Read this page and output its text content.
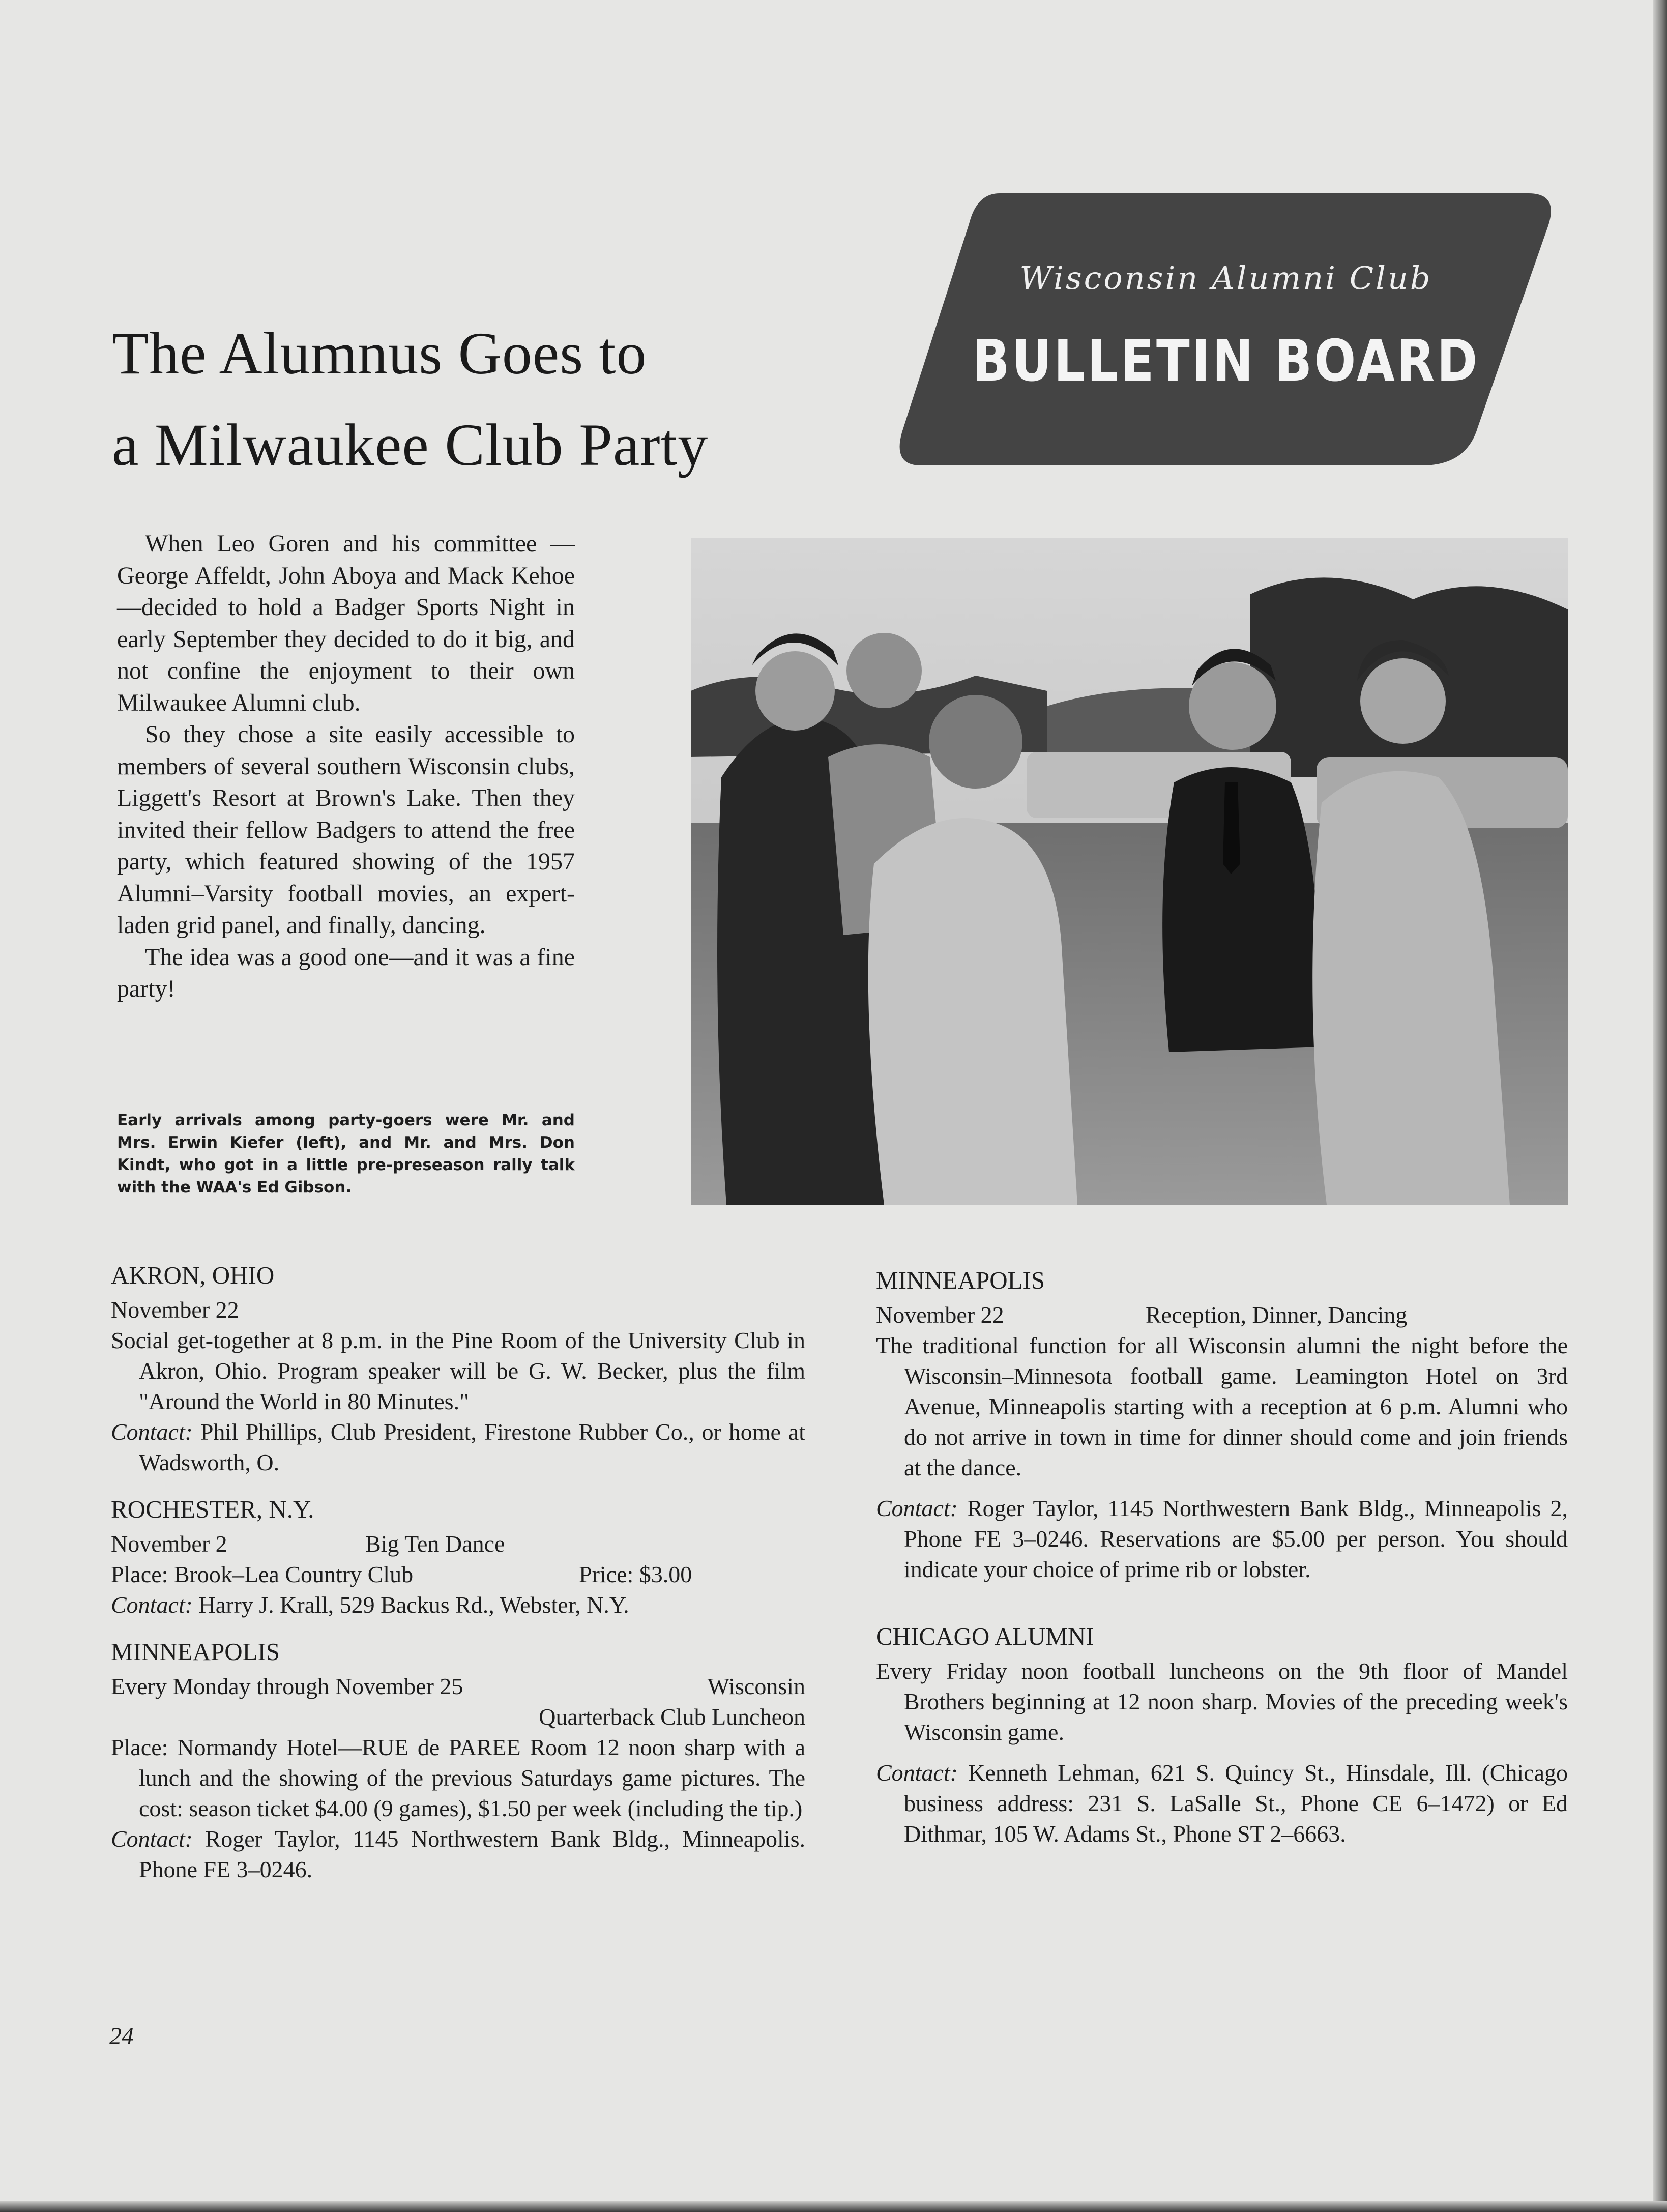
The Alumnus Goes to
a Milwaukee Club Party
Wisconsin Alumni Club
BULLETIN BOARD

When Leo Goren and his committee —George Affeldt, John Aboya and Mack Kehoe—decided to hold a Badger Sports Night in early September they decided to do it big, and not confine the enjoyment to their own Milwaukee Alumni club.

So they chose a site easily accessible to members of several southern Wisconsin clubs, Liggett's Resort at Brown's Lake. Then they invited their fellow Badgers to attend the free party, which featured showing of the 1957 Alumni–Varsity football movies, an expert-laden grid panel, and finally, dancing.

The idea was a good one—and it was a fine party!

Early arrivals among party-goers were Mr. and Mrs. Erwin Kiefer (left), and Mr. and Mrs. Don Kindt, who got in a little pre-preseason rally talk with the WAA's Ed Gibson.
AKRON, OHIO
November 22

Social get-together at 8 p.m. in the Pine Room of the University Club in Akron, Ohio. Program speaker will be G. W. Becker, plus the film "Around the World in 80 Minutes."

Contact: Phil Phillips, Club President, Firestone Rubber Co., or home at Wadsworth, O.

ROCHESTER, N.Y.
November 2	Big Ten Dance
Place: Brook–Lea Country Club	Price: $3.00

Contact: Harry J. Krall, 529 Backus Rd., Webster, N.Y.

MINNEAPOLIS
Every Monday through November 25	Wisconsin
Quarterback Club Luncheon

Place: Normandy Hotel—RUE de PAREE Room 12 noon sharp with a lunch and the showing of the previous Saturdays game pictures. The cost: season ticket $4.00 (9 games), $1.50 per week (including the tip.)

Contact: Roger Taylor, 1145 Northwestern Bank Bldg., Minneapolis. Phone FE 3–0246.

MINNEAPOLIS
November 22	Reception, Dinner, Dancing

The traditional function for all Wisconsin alumni the night before the Wisconsin–Minnesota football game. Leamington Hotel on 3rd Avenue, Minneapolis starting with a reception at 6 p.m. Alumni who do not arrive in town in time for dinner should come and join friends at the dance.

Contact: Roger Taylor, 1145 Northwestern Bank Bldg., Minneapolis 2, Phone FE 3–0246. Reservations are $5.00 per person. You should indicate your choice of prime rib or lobster.

CHICAGO ALUMNI

Every Friday noon football luncheons on the 9th floor of Mandel Brothers beginning at 12 noon sharp. Movies of the preceding week's Wisconsin game.

Contact: Kenneth Lehman, 621 S. Quincy St., Hinsdale, Ill. (Chicago business address: 231 S. LaSalle St., Phone CE 6–1472) or Ed Dithmar, 105 W. Adams St., Phone ST 2–6663.

24
